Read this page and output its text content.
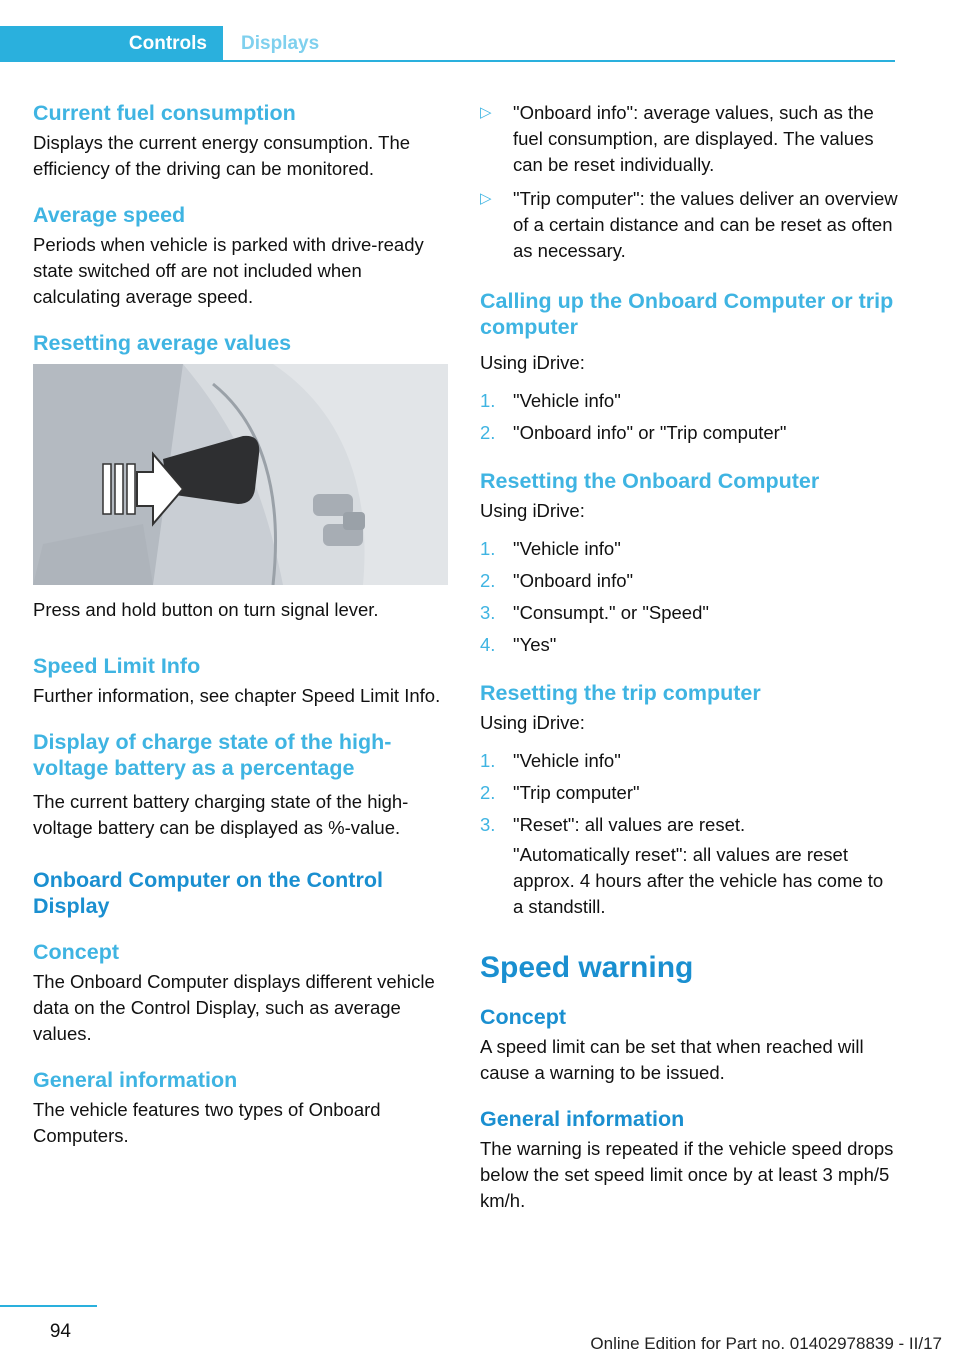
Controls	Displays
Current fuel consumption

Displays the current energy consumption. The efficiency of the driving can be monitored.

Average speed

Periods when vehicle is parked with drive-ready state switched off are not included when calculating average speed.

Resetting average values

Press and hold button on turn signal lever.

Speed Limit Info

Further information, see chapter Speed Limit Info.

Display of charge state of the high-voltage battery as a percentage

The current battery charging state of the high-voltage battery can be displayed as %-value.

Onboard Computer on the Control Display
Concept

The Onboard Computer displays different vehicle data on the Control Display, such as average values.

General information

The vehicle features two types of Onboard Computers.

▷ "Onboard info": average values, such as the fuel consumption, are displayed. The values can be reset individually.
▷ "Trip computer": the values deliver an overview of a certain distance and can be reset as often as necessary.
Calling up the Onboard Computer or trip computer

Using iDrive:

1. "Vehicle info"
2. "Onboard info" or "Trip computer"
Resetting the Onboard Computer

Using iDrive:

1. "Vehicle info"
2. "Onboard info"
3. "Consumpt." or "Speed"
4. "Yes"
Resetting the trip computer

Using iDrive:

1. "Vehicle info"
2. "Trip computer"
3. "Reset": all values are reset.
"Automatically reset": all values are reset approx. 4 hours after the vehicle has come to a standstill.
Speed warning
Concept

A speed limit can be set that when reached will cause a warning to be issued.

General information

The warning is repeated if the vehicle speed drops below the set speed limit once by at least 3 mph/5 km/h.

94
Online Edition for Part no. 01402978839 - II/17
